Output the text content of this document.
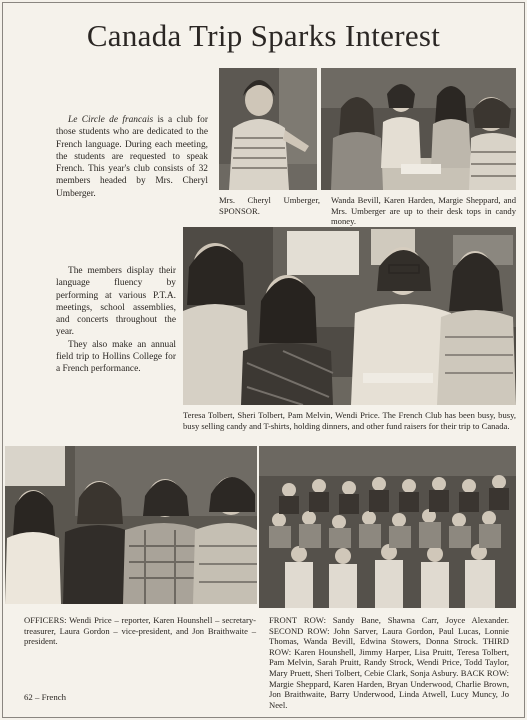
Canada Trip Sparks Interest

Le Circle de francais is a club for those students who are dedicated to the French language. During each meeting, the students are requested to speak French. This year's club consists of 32 members headed by Mrs. Cheryl Umberger.

Mrs. Cheryl Umberger, SPONSOR.
Wanda Bevill, Karen Harden, Margie Sheppard, and Mrs. Umberger are up to their desk tops in candy money.

The members display their language fluency by performing at various P.T.A. meetings, school assemblies, and concerts throughout the year.

They also make an annual field trip to Hollins College for a French performance.

Teresa Tolbert, Sheri Tolbert, Pam Melvin, Wendi Price. The French Club has been busy, busy, busy selling candy and T-shirts, holding dinners, and other fund raisers for their trip to Canada.
OFFICERS: Wendi Price – reporter, Karen Hounshell – secretary-treasurer, Laura Gordon – vice-president, and Jon Braithwaite – president.
FRONT ROW: Sandy Bane, Shawna Carr, Joyce Alexander. SECOND ROW: John Sarver, Laura Gordon, Paul Lucas, Lonnie Thomas, Wanda Bevill, Edwina Stowers, Donna Strock. THIRD ROW: Karen Hounshell, Jimmy Harper, Lisa Pruitt, Teresa Tolbert, Pam Melvin, Sarah Pruitt, Randy Strock, Wendi Price, Todd Taylor, Mary Pruett, Sheri Tolbert, Cebie Clark, Sonja Asbury. BACK ROW: Margie Sheppard, Karen Harden, Bryan Underwood, Charlie Brown, Jon Braithwaite, Barry Underwood, Linda Atwell, Lucy Muncy, Jo Neel.
62 – French
